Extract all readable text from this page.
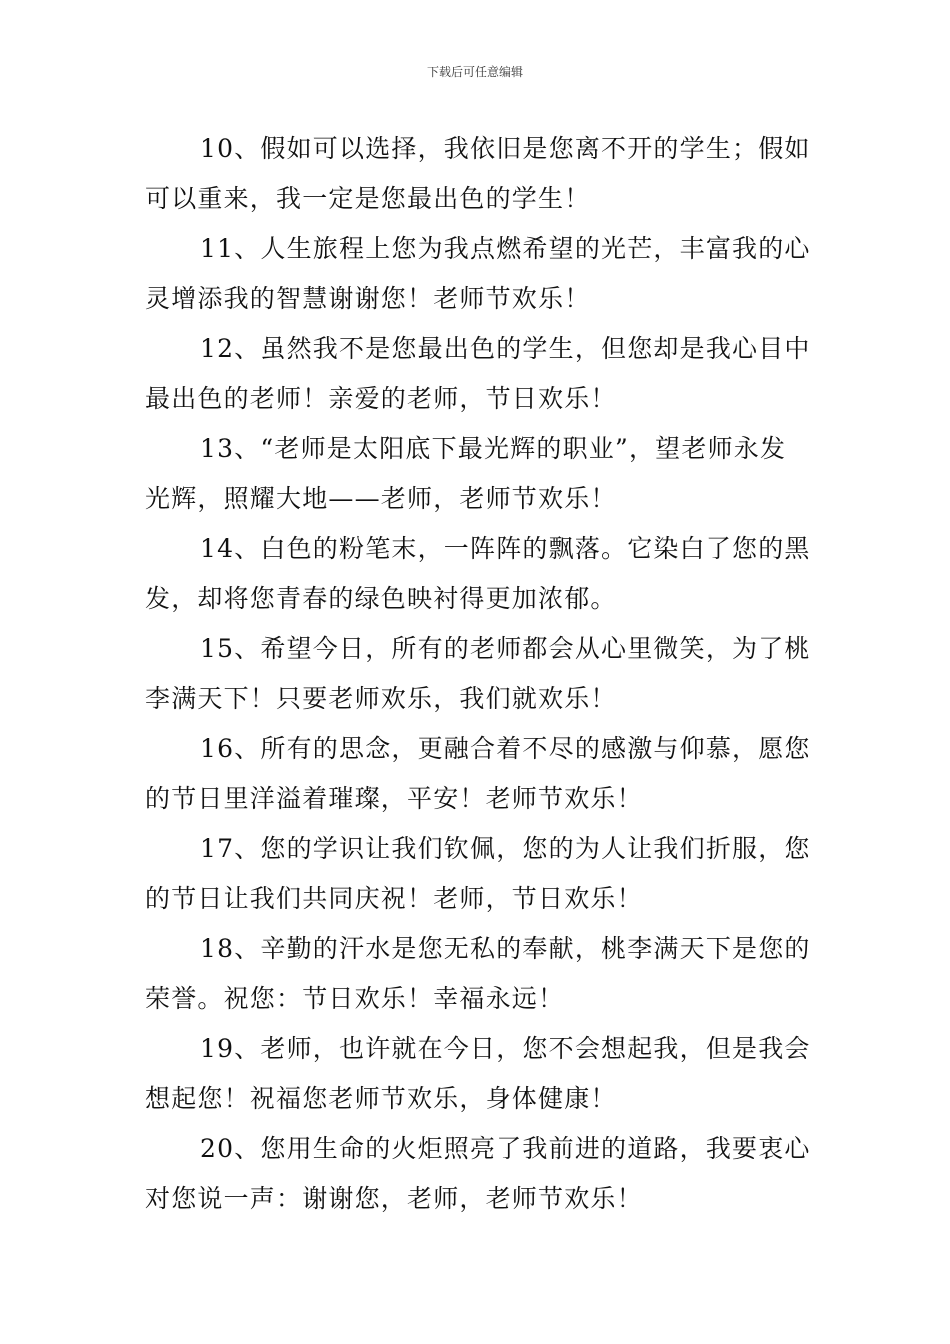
下载后可任意编辑

10、假如可以选择，我依旧是您离不开的学生；假如
可以重来，我一定是您最出色的学生！

11、人生旅程上您为我点燃希望的光芒，丰富我的心
灵增添我的智慧谢谢您！老师节欢乐！

12、虽然我不是您最出色的学生，但您却是我心目中
最出色的老师！亲爱的老师，节日欢乐！

13、“老师是太阳底下最光辉的职业”，望老师永发
光辉，照耀大地——老师，老师节欢乐！

14、白色的粉笔末，一阵阵的飘落。它染白了您的黑
发，却将您青春的绿色映衬得更加浓郁。

15、希望今日，所有的老师都会从心里微笑，为了桃
李满天下！只要老师欢乐，我们就欢乐！

16、所有的思念，更融合着不尽的感激与仰慕，愿您
的节日里洋溢着璀璨，平安！老师节欢乐！

17、您的学识让我们钦佩，您的为人让我们折服，您
的节日让我们共同庆祝！老师，节日欢乐！

18、辛勤的汗水是您无私的奉献，桃李满天下是您的
荣誉。祝您：节日欢乐！幸福永远！

19、老师，也许就在今日，您不会想起我，但是我会
想起您！祝福您老师节欢乐，身体健康！

20、您用生命的火炬照亮了我前进的道路，我要衷心
对您说一声：谢谢您，老师，老师节欢乐！
